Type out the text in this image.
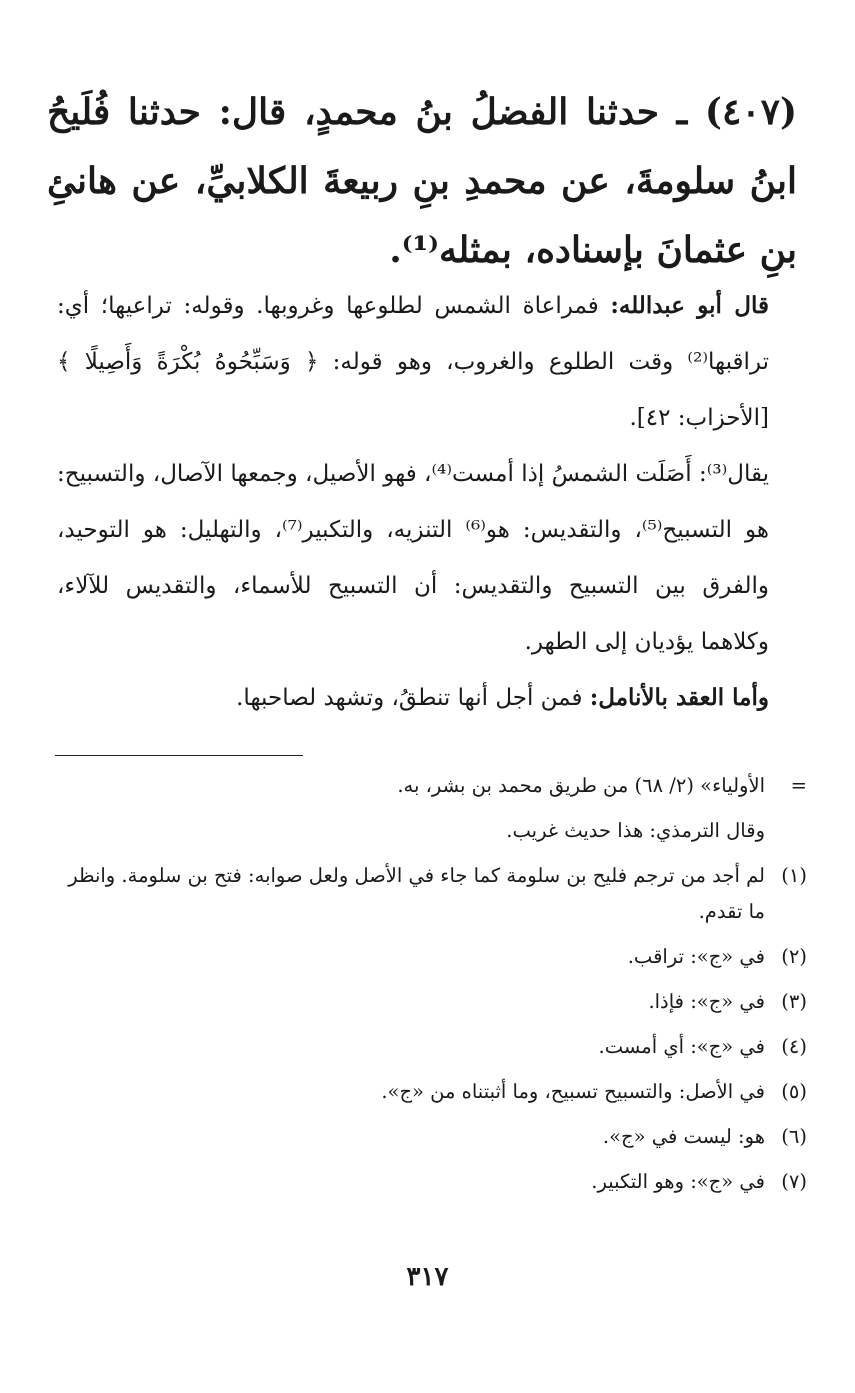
(٤٠٧) ـ حدثنا الفضلُ بنُ محمدٍ، قال: حدثنا فُلَيحُ ابنُ سلومةَ، عن محمدِ بنِ ربيعةَ الكلابيِّ، عن هانئِ بنِ عثمانَ بإسناده، بمثله⁽¹⁾.

قال أبو عبدالله: فمراعاة الشمس لطلوعها وغروبها. وقوله: تراعيها؛ أي: تراقبها⁽²⁾ وقت الطلوع والغروب، وهو قوله: ﴿ وَسَبِّحُوهُ بُكْرَةً وَأَصِيلًا ﴾[الأحزاب: ٤٢].

يقال⁽³⁾: أَصَلَت الشمسُ إذا أمست⁽⁴⁾، فهو الأصيل، وجمعها الآصال، والتسبيح: هو التسبيح⁽⁵⁾، والتقديس: هو⁽⁶⁾ التنزيه، والتكبير⁽⁷⁾، والتهليل: هو التوحيد، والفرق بين التسبيح والتقديس: أن التسبيح للأسماء، والتقديس للآلاء، وكلاهما يؤديان إلى الطهر.

وأما العقد بالأنامل: فمن أجل أنها تنطقُ، وتشهد لصاحبها.

=
الأولياء» (٢/ ٦٨) من طريق محمد بن بشر، به.
وقال الترمذي: هذا حديث غريب.
(١)
لم أجد من ترجم فليح بن سلومة كما جاء في الأصل ولعل صوابه: فتح بن سلومة. وانظر ما تقدم.
(٢)
في «ج»: تراقب.
(٣)
في «ج»: فإذا.
(٤)
في «ج»: أي أمست.
(٥)
في الأصل: والتسبيح تسبيح، وما أثبتناه من «ج».
(٦)
هو: ليست في «ج».
(٧)
في «ج»: وهو التكبير.
٣١٧
